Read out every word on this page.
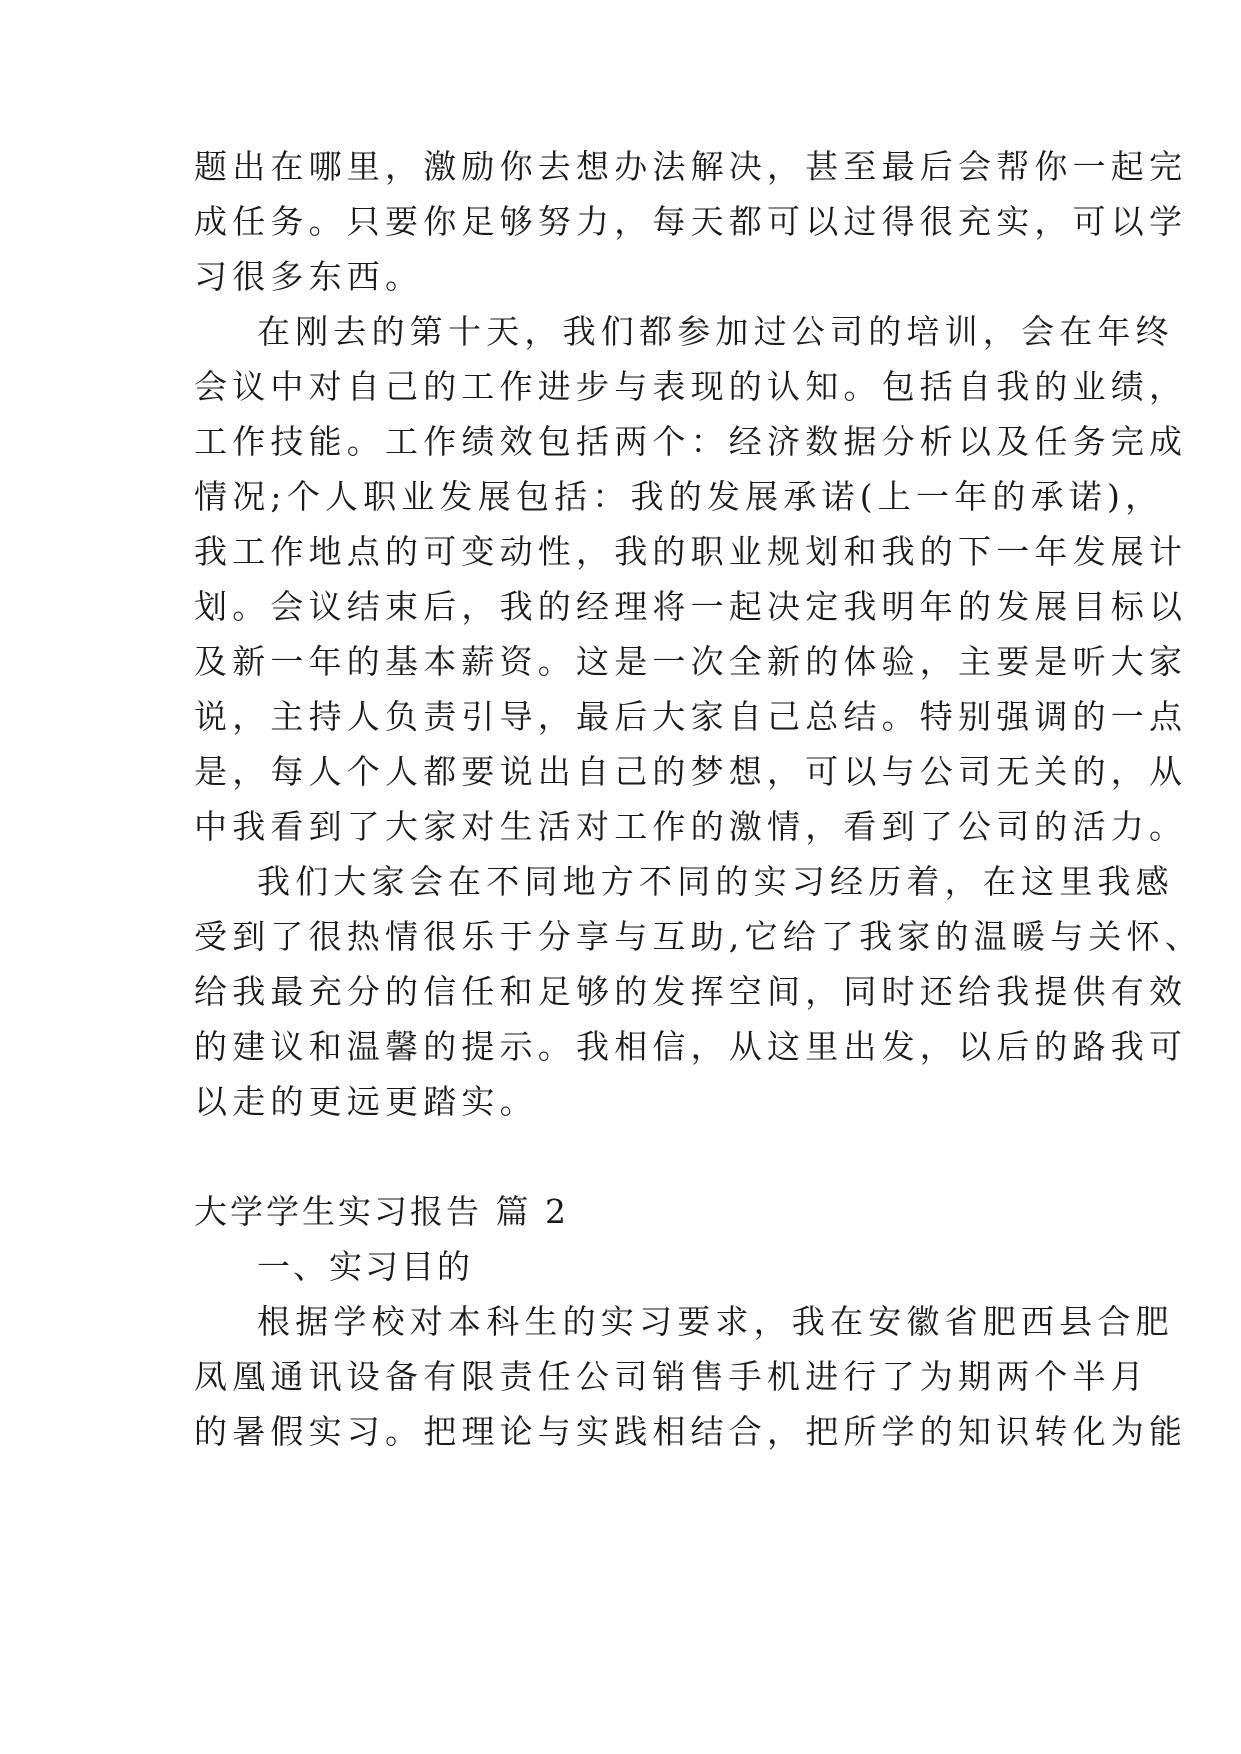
题出在哪里，激励你去想办法解决，甚至最后会帮你一起完
成任务。只要你足够努力，每天都可以过得很充实，可以学
习很多东西。
在刚去的第十天，我们都参加过公司的培训，会在年终
会议中对自己的工作进步与表现的认知。包括自我的业绩，
工作技能。工作绩效包括两个：经济数据分析以及任务完成
情况;个人职业发展包括：我的发展承诺(上一年的承诺)，
我工作地点的可变动性，我的职业规划和我的下一年发展计
划。会议结束后，我的经理将一起决定我明年的发展目标以
及新一年的基本薪资。这是一次全新的体验，主要是听大家
说，主持人负责引导，最后大家自己总结。特别强调的一点
是，每人个人都要说出自己的梦想，可以与公司无关的，从
中我看到了大家对生活对工作的激情，看到了公司的活力。
我们大家会在不同地方不同的实习经历着，在这里我感
受到了很热情很乐于分享与互助,它给了我家的温暖与关怀、
给我最充分的信任和足够的发挥空间，同时还给我提供有效
的建议和温馨的提示。我相信，从这里出发，以后的路我可
以走的更远更踏实。
大学学生实习报告 篇 2
一、实习目的
根据学校对本科生的实习要求，我在安徽省肥西县合肥
凤凰通讯设备有限责任公司销售手机进行了为期两个半月
的暑假实习。把理论与实践相结合，把所学的知识转化为能
